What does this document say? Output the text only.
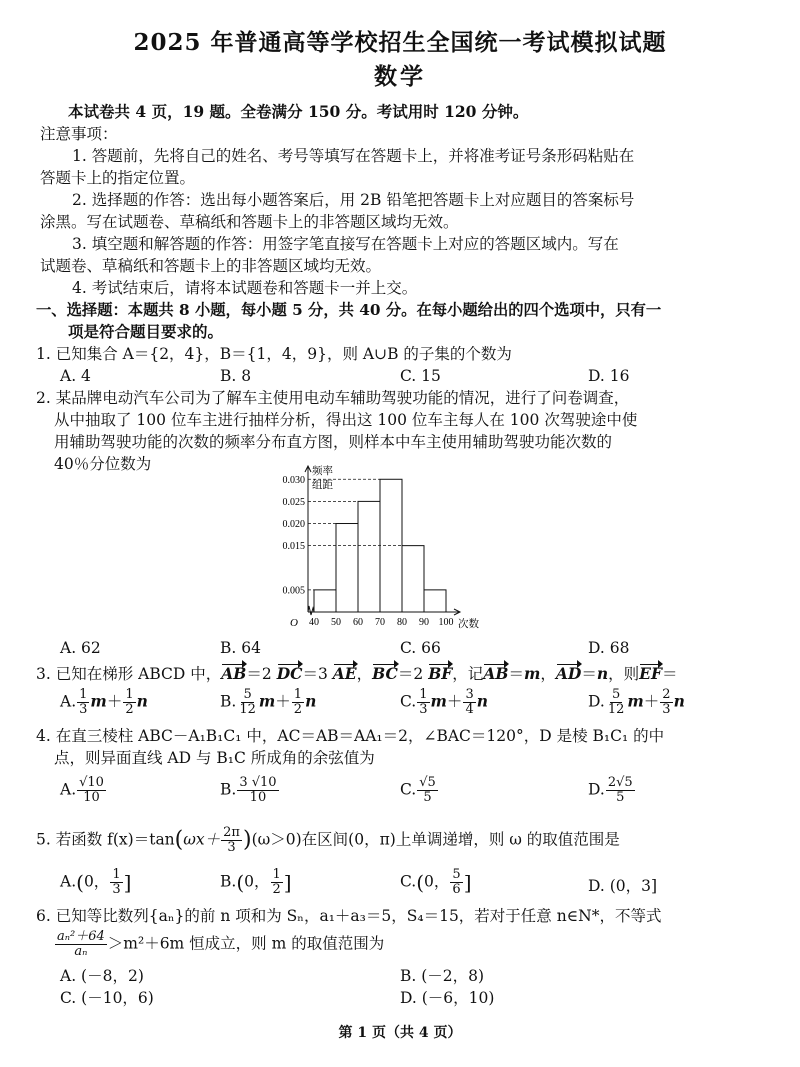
2025 年普通高等学校招生全国统一考试模拟试题
数学
本试卷共 4 页，19 题。全卷满分 150 分。考试用时 120 分钟。
注意事项：
1. 答题前，先将自己的姓名、考号等填写在答题卡上，并将准考证号条形码粘贴在
答题卡上的指定位置。
2. 选择题的作答：选出每小题答案后，用 2B 铅笔把答题卡上对应题目的答案标号
涂黑。写在试题卷、草稿纸和答题卡上的非答题区域均无效。
3. 填空题和解答题的作答：用签字笔直接写在答题卡上对应的答题区域内。写在
试题卷、草稿纸和答题卡上的非答题区域均无效。
4. 考试结束后，请将本试题卷和答题卡一并上交。
一、选择题：本题共 8 小题，每小题 5 分，共 40 分。在每小题给出的四个选项中，只有一
项是符合题目要求的。
1. 已知集合 A＝{2，4}，B＝{1，4，9}，则 A∪B 的子集的个数为
A. 4	B. 8	C. 15	D. 16
2. 某品牌电动汽车公司为了解车主使用电动车辅助驾驶功能的情况，进行了问卷调查，
从中抽取了 100 位车主进行抽样分析，得出这 100 位车主每人在 100 次驾驶途中使
用辅助驾驶功能的次数的频率分布直方图，则样本中车主使用辅助驾驶功能次数的
40％分位数为
0.030
0.025
0.020
0.015
0.005
40 50 60 70 80 90 100
频率
组距
次数
O
A. 62	B. 64	C. 66	D. 68
3. 已知在梯形 ABCD 中，AB＝2 DC＝3 AE，BC＝2 BF，记AB＝m，AD＝n，则EF＝
A. $\frac{1}{3} m+ \frac{1}{2}$ n	B. $\frac{5}{12} m+ \frac{1}{2}$ n	C. $\frac{1}{3} m+ \frac{3}{4}$ n	D. $\frac{5}{12} m+ \frac{2}{3}$ n
4. 在直三棱柱 ABC－A₁B₁C₁ 中，AC＝AB＝AA₁＝2，∠BAC＝120°，D 是棱 B₁C₁ 的中
点，则异面直线 AD 与 B₁C 所成角的余弦值为
A. $\frac{√10}{10}$	B. $\frac{3 √10}{10}$	C. $\frac{√5}{5}$	D. $\frac{2√5}{5}$
5. 若函数 $f(x)=\tan(\omega x+ \frac{2\pi}{3} )(\omega>0)$在区间(0，π)上单调递增，则 ω 的取值范围是
A.(0， $\frac{1}{3}$ ]	B.(0， $\frac{1}{2}$ ]	C.(0， $\frac{5}{6}$ ]	D. (0，3]
6. 已知等比数列{aₙ}的前 n 项和为 Sₙ，a₁＋a₃＝5，S₄＝15，若对于任意 n∈N*，不等式
$\frac{\text{aₙ²＋64}}{\text{aₙ}} >m^2+6m$ 恒成立，则 m 的取值范围为
A. (－8，2)	B. (－2，8)
C. (－10，6)	D. (－6，10)
第 1 页（共 4 页）
